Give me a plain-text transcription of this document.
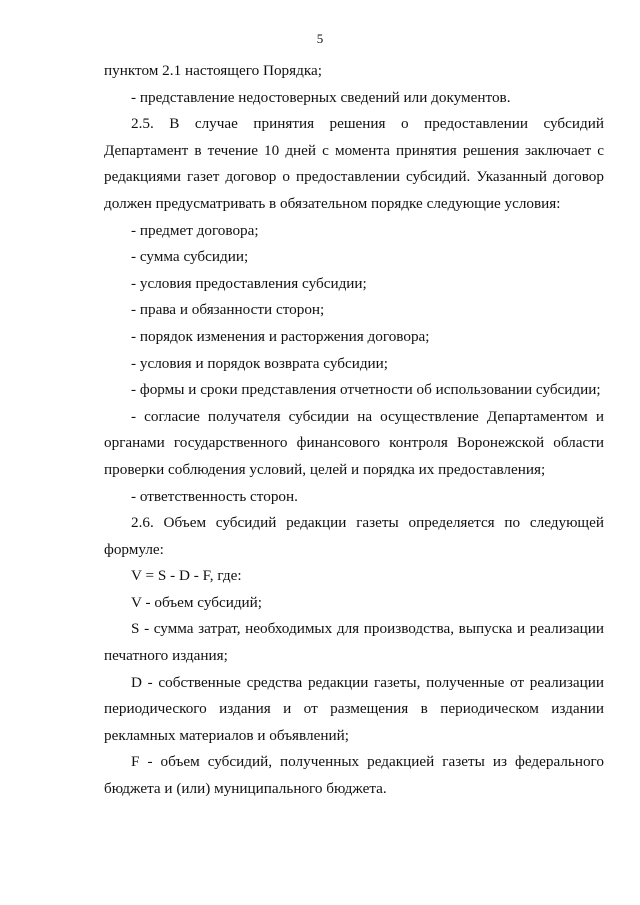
5

пунктом 2.1 настоящего Порядка;

- представление недостоверных сведений или документов.

2.5. В случае принятия решения о предоставлении субсидий Департамент в течение 10 дней с момента принятия решения заключает с редакциями газет договор о предоставлении субсидий. Указанный договор должен предусматривать в обязательном порядке следующие условия:

- предмет договора;

- сумма субсидии;

- условия предоставления субсидии;

- права и обязанности сторон;

- порядок изменения и расторжения договора;

- условия и порядок возврата субсидии;

- формы и сроки представления отчетности об использовании субсидии;

- согласие получателя субсидии на осуществление Департаментом и органами государственного финансового контроля Воронежской области проверки соблюдения условий, целей и порядка их предоставления;

- ответственность сторон.

2.6. Объем субсидий редакции газеты определяется по следующей формуле:

V = S - D - F, где:

V - объем субсидий;

S - сумма затрат, необходимых для производства, выпуска и реализации печатного издания;

D - собственные средства редакции газеты, полученные от реализации периодического издания и от размещения в периодическом издании рекламных материалов и объявлений;

F - объем субсидий, полученных редакцией газеты из федерального бюджета и (или) муниципального бюджета.
